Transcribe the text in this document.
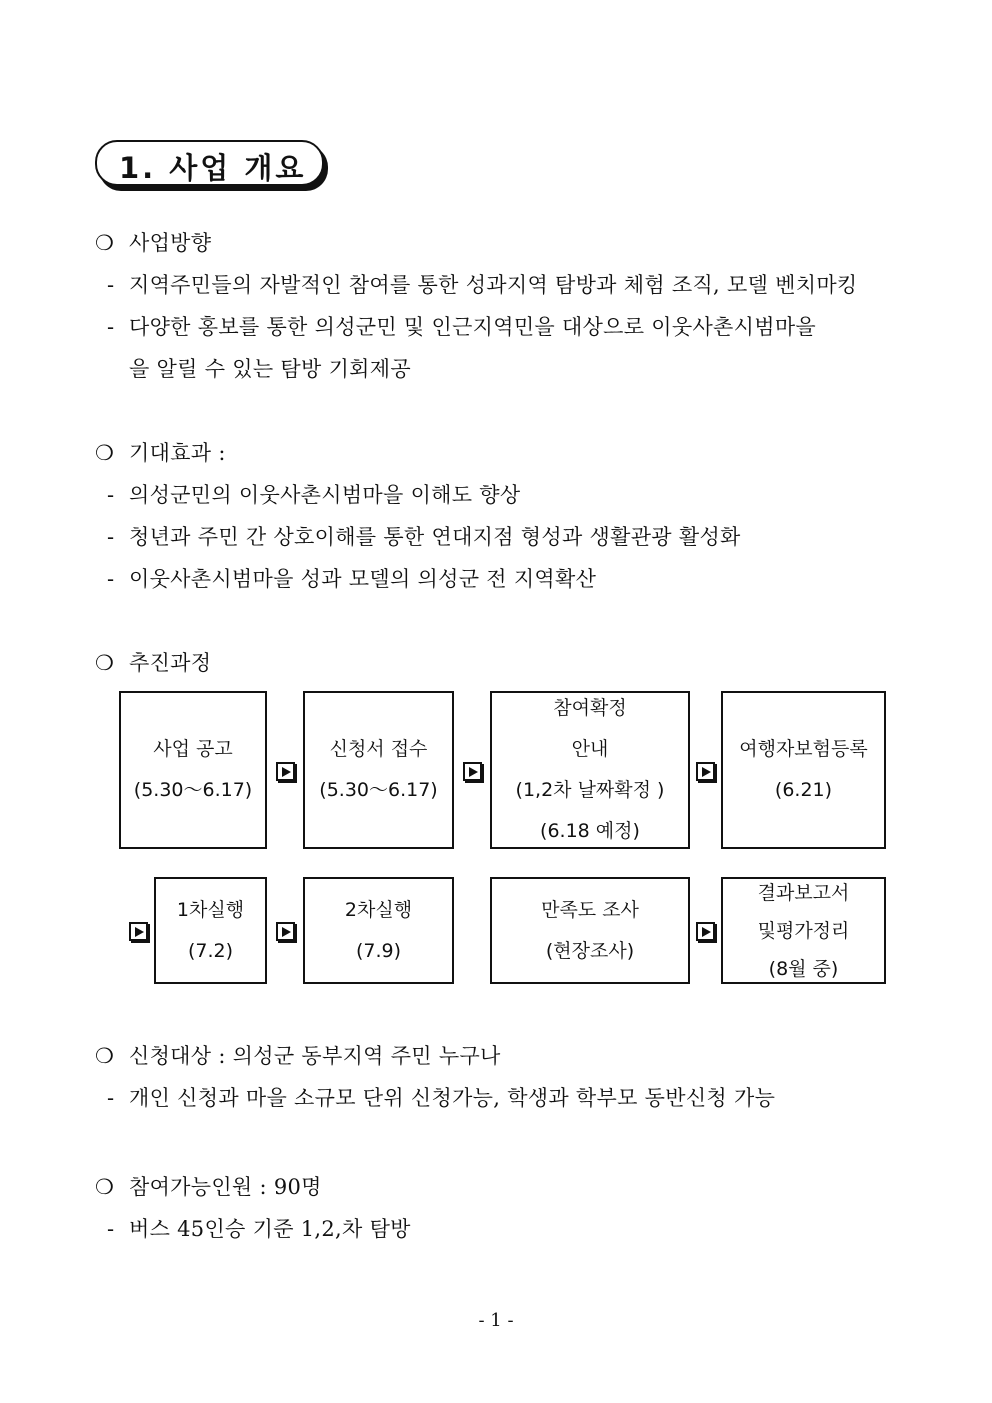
1. 사업 개요
❍ 사업방향
- 지역주민들의 자발적인 참여를 통한 성과지역 탐방과 체험 조직, 모델 벤치마킹
- 다양한 홍보를 통한 의성군민 및 인근지역민을 대상으로 이웃사촌시범마을
을 알릴 수 있는 탐방 기회제공
❍ 기대효과 :
- 의성군민의 이웃사촌시범마을 이해도 향상
- 청년과 주민 간 상호이해를 통한 연대지점 형성과 생활관광 활성화
- 이웃사촌시범마을 성과 모델의 의성군 전 지역확산
❍ 추진과정
사업 공고
(5.30～6.17)
신청서 접수
(5.30～6.17)
참여확정
안내
(1,2차 날짜확정 )
(6.18 예정)
여행자보험등록
(6.21)
1차실행
(7.2)
2차실행
(7.9)
만족도 조사
(현장조사)
결과보고서
및평가정리
(8월 중)
❍ 신청대상 : 의성군 동부지역 주민 누구나
- 개인 신청과 마을 소규모 단위 신청가능, 학생과 학부모 동반신청 가능
❍ 참여가능인원 : 90명
- 버스 45인승 기준 1,2,차 탐방
- 1 -
